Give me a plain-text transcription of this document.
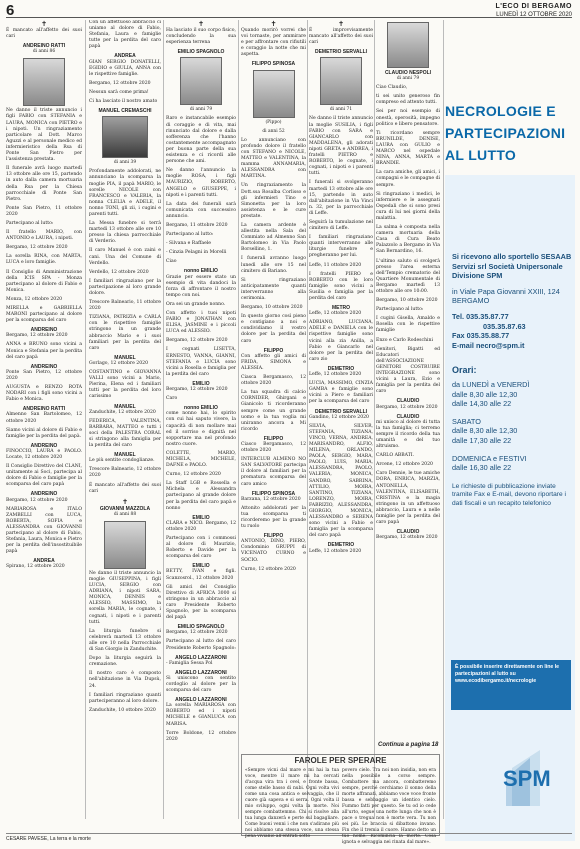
6	L'ECO DI BERGAMO
LUNEDÌ 12 OTTOBRE 2020
✝

É mancato all'affetto dei suoi cari

ANDREINO RATTI

di anni 86

Ne danno il triste annuncio i figli FABIO con STEFANIA e LAURA, MONICA con PIETRO e i nipoti. Un ringraziamento particolare al Dott. Marco Aguzzi e al personale medico ed infermieristico della Rsa di Ponte San Pietro per l'assistenza prestata.

Il funerale avrà luogo martedì 13 ottobre alle ore 15, partendo in auto dalla camera mortuaria della Rsa per la Chiesa parrocchiale di Ponte San Pietro.

Ponte San Pietro, 11 ottobre 2020

Partecipano al lutto:

Il fratello MARIO, con ANTONIO e LAURA, i nipoti.

Bergamo, 12 ottobre 2020

La sorella RINA, con MARTA, LUCA e loro famiglie.

Il Consiglio di Amministrazione della ICIS SPA - Monza partecipano al dolore di Fabio e Monica.

Monza, 12 ottobre 2020

MIRELLA e GABRIELLA MARONI partecipano al dolore per la scomparsa del caro

ANDREINO

Bergamo, 12 ottobre 2020

ANNA e BRUNO sono vicini a Monica e Stefania per la perdita del caro papà

ANDREINO

Ponte San Pietro, 12 ottobre 2020

AUGUSTA e RENZO ROTA NODARI con i figli sono vicini a Fabio e Monica.

ANDREINO RATTI

Almenno San Bartolomeo, 12 ottobre 2020

Siamo vicini al dolore di Fabio e famiglie per la perdita del papà.

ANDREINO

FINOCCIO, LAURA e PAOLO. Locate, 12 ottobre 2020

Il Consiglio Direttivo del CLANI, unitamente ai Soci, partecipa al dolore di Fabio e famiglie per la scomparsa del caro papà

ANDREINO

Bergamo, 12 ottobre 2020

MARIAROSA e ITALO ZAMBELLI con LUCA, ROBERTA, SOFIA e ALESSANDRA con GIOVANNI partecipano al dolore di Fabio, Stefania, Laura, Monica e Pietro per la perdita dell'insostituibile papà

ANDREA

Spirano, 12 ottobre 2020

Con un affettuoso abbraccio ci uniamo al dolore di Fabio, Stefania, Laura e famiglie tutte per la perdita del caro papà

ANDREA

GIAN SERGIO DONATELLI, EGIDIO e GIULIA, ANNA con le rispettive famiglie.

Bergamo, 12 ottobre 2020

Nessun sarà come prima!

Ci ha lasciato il nostro amato

MANUEL CREMASCHI

di anni 39

Profondamente addolorati, ne annunciano la scomparsa la moglie PIA, il papà MARIO, le sorelle NICOLE con FRANCESCO e VALERIA, la nonna CLELIA e ADELE, il nonno TONI, gli zii, i cugini e parenti tutti.

La Messa funebre si terrà martedì 13 ottobre alle ore 10 presso la chiesa parrocchiale di Verderio.

Il caro Manuel è con zaini e cani. Una del Comune di Verdello.

Verdello, 12 ottobre 2020

I familiari ringraziano per la partecipazione al loro grande dolore.

Trescore Balneario, 11 ottobre 2020

TIZIANA, PATRIZIA e CARLA con le rispettive famiglie stringono in un grande abbraccio Mario e i suoi familiari per la perdita del caro

MANUEL

Gorlago, 12 ottobre 2020

COSTANTINO e GIOVANNA VALLI sono vicini a Mario, Pierina, Elena ed i familiari tutti per la perdita del loro carissimo

MANUEL

Zanduchite, 12 ottobre 2020

FEDERICA, VALENTINA, BARBARA, MATTEO e tutti i soci della PALESTRA CORAL si stringono alla famiglia per la perdita del caro

MANUEL

Le più sentite condoglianze.

Trescore Balneario, 12 ottobre 2020

É mancato all'affetto dei suoi cari

✝
GIOVANNI MAZZOLA

di anni 88

Ne danno il triste annuncio la moglie GIUSEPPINA, i figli LUCIA, SERGIO con ADRIANA, i nipoti SARA, MONICA, DENNIS e ALESSIO, MASSIMO, la sorella MARIA, le cognate, i cognati, i nipoti e i parenti tutti.

La liturgia funebre si celebrerà martedì 13 ottobre alle ore 10 nella Parrocchiale di San Giorgio in Zanduchite.

Dopo la liturgia seguirà la cremazione.

Il nostro caro è composto nell'abitazione in Via Dupsù, 24.

I familiari ringraziano quanti parteciperanno al loro dolore.

Zanduchite, 10 ottobre 2020

✝

Ha lasciato il suo corpo fisico, concludendo la sua esperienza terrena

EMILIO SPAGNOLO

di anni 79

Raro e instancabile esempio di coraggio e di vita, mai rinunciato dal dolore e dalla sofferenza che l'hanno costantemente accompagnato per buona parte della sua esistenza e ci ricordi alle persone che ami.

Ne danno l'annuncio la moglie ROSA, i figli MAURIZIO, ROBERTO, ANGELO e GIUSEPPE, i nipoti e i parenti tutti.

La data dei funerali sarà comunicata con successivo annuncio.

Bergamo, 11 ottobre 2020

Partecipano al lutto:

- Silvana e Raffaele

- Cinzia Pelagni in Morelli

Ciao

nonno EMILIO

Grazie per essere stato un esempio di vita dandoci la forza di affrontare il nostro tempo con noi.

Ora sei un grande nonno.

Con affetto i tuoi nipoti FABIO e JONATHAN con ELISA, JASMINE e i piccoli LUCA ed ALESSIO.

Bergamo, 12 ottobre 2020

I cognati LISETTA, ERNESTO, VANNA, GIANNI, STEFANIA e LUCIA sono vicini a Rosella e famiglia per la perdita del caro

EMILIO

Bergamo, 12 ottobre 2020

Caro

nonno EMILIO

come nonno hai, lo spirito con cui hai saputo vivere, la capacità di non mollare mai ed il sorriso e dignità nel sopportare ma nel profondo nostro cuore.

COLETTE, MARIO, MICHELA, MICHELE, DAFNE e PAOLO.

Curno, 12 ottobre 2020

La Staff LGB e Rossella e Michela e Alessandra partecipano al grande dolore per la perdita del caro papà e nonno

EMILIO

CLARA e NICO. Bergamo, 12 ottobre 2020

Partecipano con i commossi al dolore di Maurizio, Roberto e Davide per la scomparsa del caro

EMILIO

BETTY, IVAN e figli. Scanzosrol., 12 ottobre 2020

Gli amici del Consiglio Direttivo di AFRICA 3000 si stringono in un abbraccio al caro Presidente Roberto Spagnolo, per la scomparsa del papà

EMILIO SPAGNOLO

Bergamo, 12 ottobre 2020

Partecipano al lutto del caro Presidente Roberto Spagnolo:

ANGELO LAZZARONI

- Famiglia Sessa Pol

ANGELO LAZZARONI

Si uniscono con sentito cordoglio al dolore per la scomparsa del caro

ANGELO LAZZARONI

La sorella MARIAROSA con ROBERTO ed i nipoti MICHELE e GIANLUCA con MARISA.

Torre Boldone, 12 ottobre 2020

✝

Quando morirò vorrei che voi tornaste, per ammirare e per affrontare con rifiutili e coraggio la notte che mi aspetta.

FILIPPO SPINOSA

(Pippo)

di anni 52

Lo annunciano con profondo dolore il fratello con STEFANO e NICOLE, MATTEO e VALENTINA, la mamma ANNAMARIA, ALESSANDRA con MARTINA.

Un ringraziamento la Dott.ssa Rosalba Corlisso e gli infermieri Tino e Simonetta per la loro assistenza e le cure prestate.

La camera ardente è allestita nella Sala del Commiato ad Almenno San Bartolomeo in Via Paolo Borsellino, 1.

I funerali avranno luogo lunedì alle ore 15 nel cimitero di Bariano.

Si ringraziano anticipatamente quanti interverranno alla cerimonia.

Bergamo, 10 ottobre 2020

In questo giorno così pieno e contigiano a noi e condividiamo il vostro dolore per la perdita del caro

FILIPPO

Con affetto gli amici di FRIDA, SIMONA e ALESSIA.

Ciasca Bergamasco, 12 ottobre 2020

La tua squadra di calcio CORNIDER, Ghirgani e Gianicolo ti ricorderanno sempre come un grande uomo e la tua voglia mi uniranno ancora a Mi ricordo

FILIPPO

Ciasco Bergamasco, 12 ottobre 2020

INTERCLUB ALMENO NO SAN SALVATORE partecipa il dolore al familiari per la prematura scomparsa del caro amico

FILIPPO SPINOSA

Barzana, 12 ottobre 2020

Attonito addolorati per la tua scomparsa ti ricorderemo per la grande tu ruolo

FILIPPO

ANTONIO, DINO, PIERO, Condominio GRUPPI di VICENATO CURNO e SOCIO.

Curno, 12 ottobre 2020

✝

É improvvisamente mancato all'affetto dei suoi cari

DEMETRIO SERVALLI

di anni 71

Ne danno il triste annuncio la moglie SUSILIA, i figli FABIO con SARA e GIANCARLO con MADDALENA, gli adorati nipoti GRETA e ANDREA, i fratelli PIETRO e ROBERTO, le cognate, i cognati, i nipoti e i parenti tutti.

I funerali si svolgeranno martedì 13 ottobre alle ore 15, partendo in auto dall'abitazione in Via Vinci n. 32, per la parrocchiale di Leffe.

Seguirà la tumulazione nel cimitero di Leffe.

I familiari ringraziano quanti interverranno alle liturgie funebre e pregheranno per lui.

Leffe, 11 ottobre 2020

I fratelli PIERO e ROBERTO con le loro famiglie sono vicini a Susilia e famiglia per la perdita del caro

METRO

Leffe, 12 ottobre 2020

ADRIANO, LUCIANA, ADELE e DANIELA con le rispettive famiglie sono vicini alla zia Anilla, a Fabio e Giancarlo nel dolore per la perdita del caro zio

DEMETRIO

Leffe, 12 ottobre 2020

LUCIA, MASSIMO, CINZIA GAMBA e famiglie sono vicini a Piero e familiari per la scomparsa del caro

DEMETRIO SERVALLI

Gandino, 12 ottobre 2020

SILVIA, SILVER, STEFANIA, TIZIANA, VINCO, VERNA, ANDREA, MARISANDRO, ALFIO, MILENA, ORLANDO, PAOLA, SERGIO, MARA, PAOLO, LUIS, MARIA, ALESSANDRA, PAOLO, VALERIA, MONICA, SANDRO, SABRINA, ATTILIO, MOIRA, SANTINO, TIZIANA, LORENZO, MOIRA, FABRIZIO, ALESSANDRA, GIORGIO, MONICA, ALESSANDRO e SERENA sono vicini a Fabio e famiglia per la scomparsa del caro papà

DEMETRIO

Leffe, 12 ottobre 2020

CLAUDIO NESPOLI

di anni 79

Ciao Claudio,

ti sei unito generoso fin compreso ed attento tutti.

Sei per noi esempio di onestà, operosità, impegno politico e libero pensatore.

Ti ricordano sempre BRUNILDE, DENISE, LAURA con GULIO e MARCO nel ospedale NINA, ANNA, MARTA e BRANDIE.

La cara amiche, gli amici, i compagni e le compagne di sempre.

Si ringraziano i medici, le infermiere e le assegnati Ospedali che si sono presi cura di lui nei giorni della malattia.

La salma è composta nella camera mortuaria della Casa di Cura Beato Palazzolo a Bergamo in Via San Bernardino, 16.

L'ultimo saluto si svolgerà presso l'area esterna dell'Tempio crematorio del Quartiere Monumentale di Bergamo martedì 13 ottobre alle ore 10:00.

Bergamo, 10 ottobre 2020

Partecipano al lutto:

I cugini Gisella, Amaldo e Rosella con le rispettive famiglie

Enzo e Carlo Rodeschini

Genitori, Bigatti ed Educatori dell'ASSOCIAZIONE GENITORI COSTRUIRE INTEGRAZIONE sono vicini a Laura, Ezio e famiglia per la perdita del caro

CLAUDIO

Bergamo, 12 ottobre 2020

CLAUDIO

mi unisco al dolore di tutta la tua famiglia; ci terremo sempre il ricordo della tua umanità e del tuo altruismo.

CARLO ABBATI.

Arcene, 12 ottobre 2020

Caro Dennie, le tue amiche DORA, ENRICA, MARZIA, ANTONELLA, VALENTINA, ELISABETH, CRISTINA e la magia stringono in un affettuoso abbraccio, Laura e a nelle famiglie per la perdita del caro papà

CLAUDIO

Bergamo, 12 ottobre 2020

Continua a pagina 18
NECROLOGIE E
PARTECIPAZIONI
AL LUTTO
Si ricevono allo sportello SESAAB Servizi srl Società Unipersonale Divisione SPM
in Viale Papa Giovanni XXIII, 124 BERGAMO
Tel. 035.35.87.77
035.35.87.63
Fax 035.35.88.77
E-mail necro@spm.it
Orari:
da LUNEDÌ a VENERDÌ
dalle 8,30 alle 12,30
dalle 14,30 alle 22
SABATO
dalle 8,30 alle 12,30
dalle 17,30 alle 22
DOMENICA e FESTIVI
dalle 16,30 alle 22
Le richieste di pubblicazione inviate tramite Fax e E-mail, devono riportare i dati fiscali e un recapito telefonico
È possibile inserire direttamente on line le partecipazioni al lutto su www.ecodibergamo.it/necrologie
SPM
FAROLE PER SPERARE
«Sempre vicni dal mare e mi hai la tua voce, mentre il mare mi ha cercati d'acqua vira tra i ovel, e fronte bassa, come stelle basso di nubi. Ogni volta vivi come una cosa antica e selvaggia, che il cuore già sapeva e si serra. Ogni volta il mio sviluppo, ogni volta la morte. Noi sempre combattemmo. Chi si risolve alla tua lunga danzerà e perte sul bagagliare. Come buoni venni i che non s'adirano più noi abbiamo una stessa voce, una stessa pena vivianio all'entrati sotto
povero cielo. Tra noi non insidia, non era nella possibile a corso sempre. Combattere ma ancora, combatteremo sempre, perché cerchiamo il sonno della morte affranati, abbiamo voce voce fronte bassa e sebbaggio un identico cielo. Fummo fatti per questo. Se tu od io cede all'urto, segue una notte lunga che non è pace o tregua non è morte vera. Tu non sei più. Le braccia si dibattono invano. Fin che il tremia il cuore. Hanno detto un tuo nome. Ricomincia la morte. Cosa ignota e selvaggia nei rinata dal mare».
CESARE PAVESE, La terra e la morte
